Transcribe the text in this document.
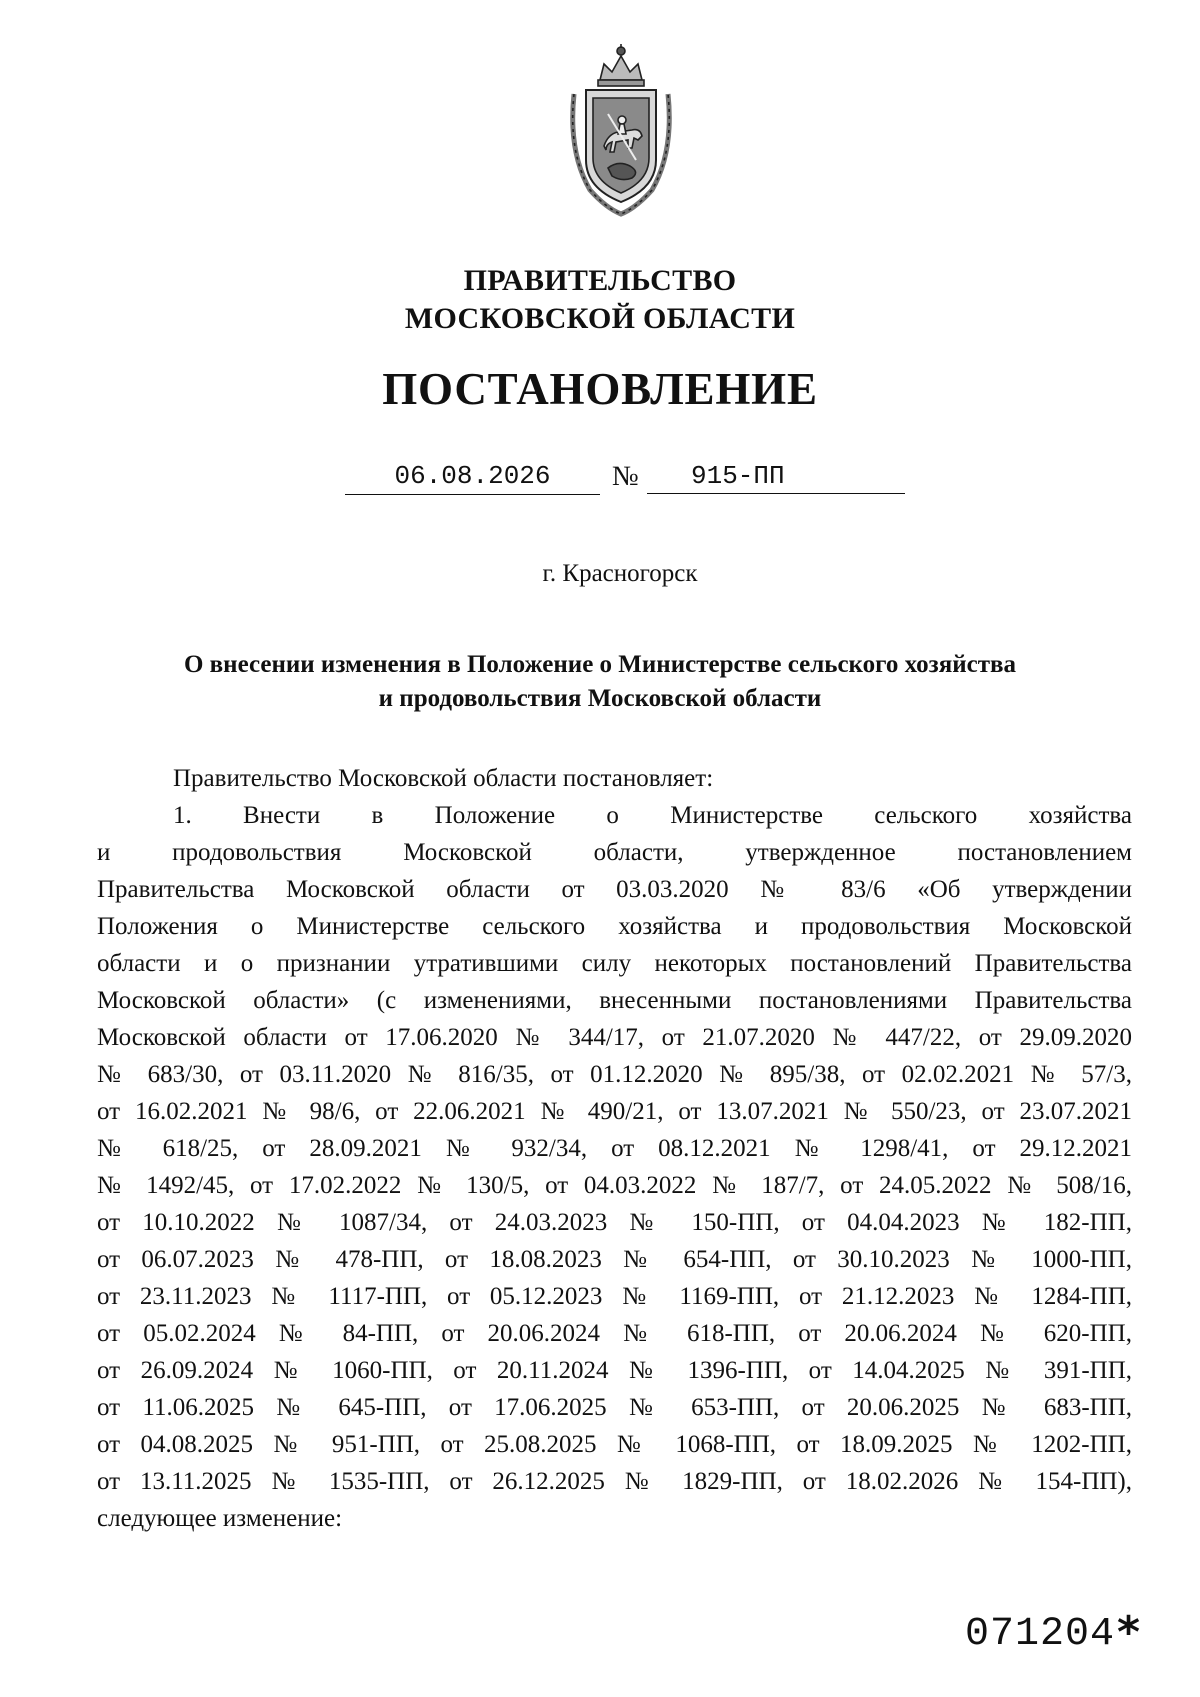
ПРАВИТЕЛЬСТВО
МОСКОВСКОЙ ОБЛАСТИ
ПОСТАНОВЛЕНИЕ
06.08.2026	№	915-ПП
г. Красногорск
О внесении изменения в Положение о Министерстве сельского хозяйства
и продовольствия Московской области
Правительство Московской области постановляет:
1. Внести в Положение о Министерстве сельского хозяйства
и продовольствия Московской области, утвержденное постановлением
Правительства Московской области от 03.03.2020 № 83/6 «Об утверждении
Положения о Министерстве сельского хозяйства и продовольствия Московской
области и о признании утратившими силу некоторых постановлений Правительства
Московской области» (с изменениями, внесенными постановлениями Правительства
Московской области от 17.06.2020 № 344/17, от 21.07.2020 № 447/22, от 29.09.2020
№ 683/30, от 03.11.2020 № 816/35, от 01.12.2020 № 895/38, от 02.02.2021 № 57/3,
от 16.02.2021 № 98/6, от 22.06.2021 № 490/21, от 13.07.2021 № 550/23, от 23.07.2021
№ 618/25, от 28.09.2021 № 932/34, от 08.12.2021 № 1298/41, от 29.12.2021
№ 1492/45, от 17.02.2022 № 130/5, от 04.03.2022 № 187/7, от 24.05.2022 № 508/16,
от 10.10.2022 № 1087/34, от 24.03.2023 № 150-ПП, от 04.04.2023 № 182-ПП,
от 06.07.2023 № 478-ПП, от 18.08.2023 № 654-ПП, от 30.10.2023 № 1000-ПП,
от 23.11.2023 № 1117-ПП, от 05.12.2023 № 1169-ПП, от 21.12.2023 № 1284-ПП,
от 05.02.2024 № 84-ПП, от 20.06.2024 № 618-ПП, от 20.06.2024 № 620-ПП,
от 26.09.2024 № 1060-ПП, от 20.11.2024 № 1396-ПП, от 14.04.2025 № 391-ПП,
от 11.06.2025 № 645-ПП, от 17.06.2025 № 653-ПП, от 20.06.2025 № 683-ПП,
от 04.08.2025 № 951-ПП, от 25.08.2025 № 1068-ПП, от 18.09.2025 № 1202-ПП,
от 13.11.2025 № 1535-ПП, от 26.12.2025 № 1829-ПП, от 18.02.2026 № 154-ПП),
следующее изменение:
071204 *
